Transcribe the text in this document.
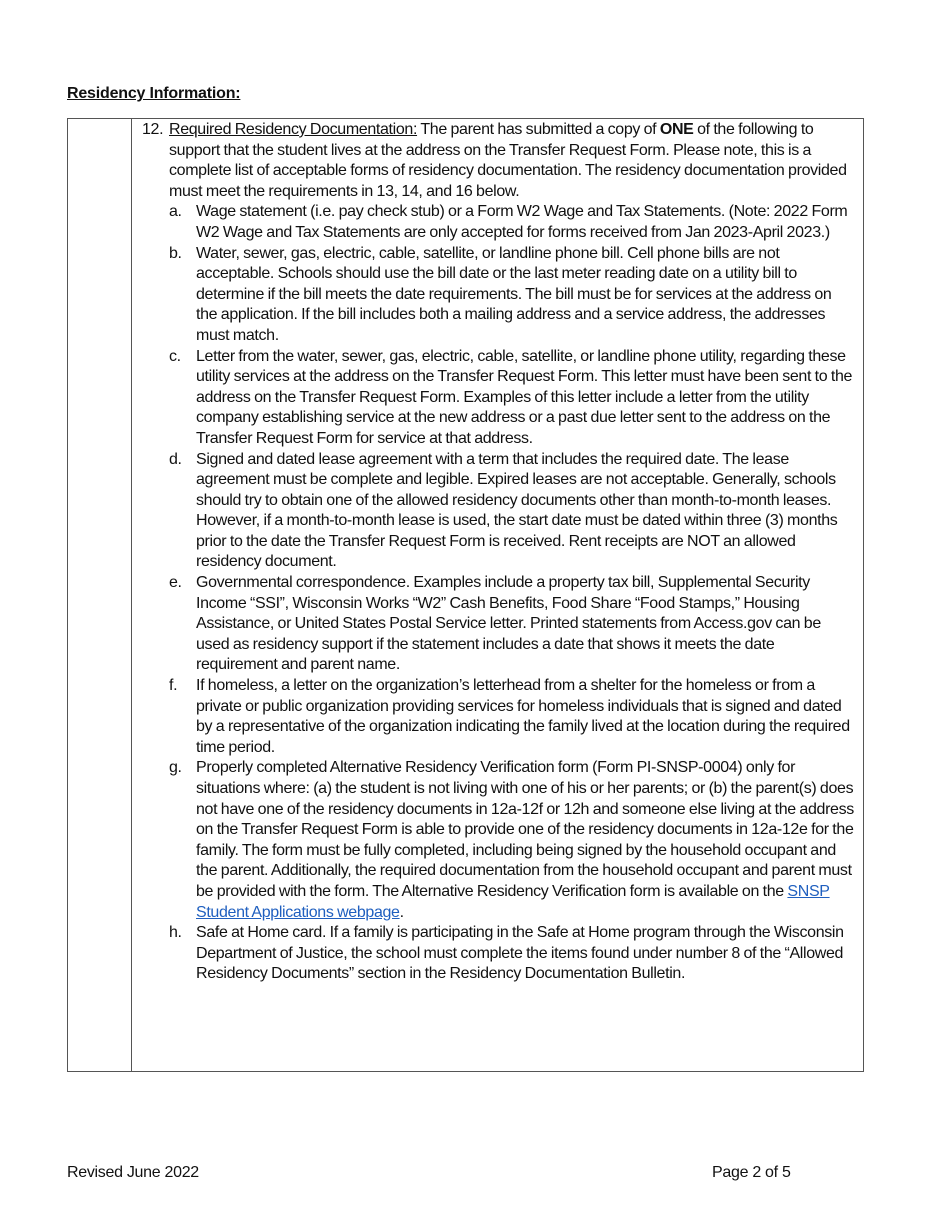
Residency Information:
12. Required Residency Documentation: The parent has submitted a copy of ONE of the following to support that the student lives at the address on the Transfer Request Form. Please note, this is a complete list of acceptable forms of residency documentation. The residency documentation provided must meet the requirements in 13, 14, and 16 below.
a. Wage statement (i.e. pay check stub) or a Form W2 Wage and Tax Statements. (Note: 2022 Form W2 Wage and Tax Statements are only accepted for forms received from Jan 2023-April 2023.)
b. Water, sewer, gas, electric, cable, satellite, or landline phone bill. Cell phone bills are not acceptable. Schools should use the bill date or the last meter reading date on a utility bill to determine if the bill meets the date requirements. The bill must be for services at the address on the application. If the bill includes both a mailing address and a service address, the addresses must match.
c. Letter from the water, sewer, gas, electric, cable, satellite, or landline phone utility, regarding these utility services at the address on the Transfer Request Form. This letter must have been sent to the address on the Transfer Request Form. Examples of this letter include a letter from the utility company establishing service at the new address or a past due letter sent to the address on the Transfer Request Form for service at that address.
d. Signed and dated lease agreement with a term that includes the required date. The lease agreement must be complete and legible. Expired leases are not acceptable. Generally, schools should try to obtain one of the allowed residency documents other than month-to-month leases. However, if a month-to-month lease is used, the start date must be dated within three (3) months prior to the date the Transfer Request Form is received. Rent receipts are NOT an allowed residency document.
e. Governmental correspondence. Examples include a property tax bill, Supplemental Security Income “SSI”, Wisconsin Works “W2” Cash Benefits, Food Share “Food Stamps,” Housing Assistance, or United States Postal Service letter. Printed statements from Access.gov can be used as residency support if the statement includes a date that shows it meets the date requirement and parent name.
f.	If homeless, a letter on the organization’s letterhead from a shelter for the homeless or from a private or public organization providing services for homeless individuals that is signed and dated by a representative of the organization indicating the family lived at the location during the required time period.
g. Properly completed Alternative Residency Verification form (Form PI-SNSP-0004) only for situations where: (a) the student is not living with one of his or her parents; or (b) the parent(s) does not have one of the residency documents in 12a-12f or 12h and someone else living at the address on the Transfer Request Form is able to provide one of the residency documents in 12a-12e for the family. The form must be fully completed, including being signed by the household occupant and the parent. Additionally, the required documentation from the household occupant and parent must be provided with the form. The Alternative Residency Verification form is available on the SNSP Student Applications webpage.
h. Safe at Home card. If a family is participating in the Safe at Home program through the Wisconsin Department of Justice, the school must complete the items found under number 8 of the “Allowed Residency Documents” section in the Residency Documentation Bulletin.
Revised June 2022	Page 2 of 5
